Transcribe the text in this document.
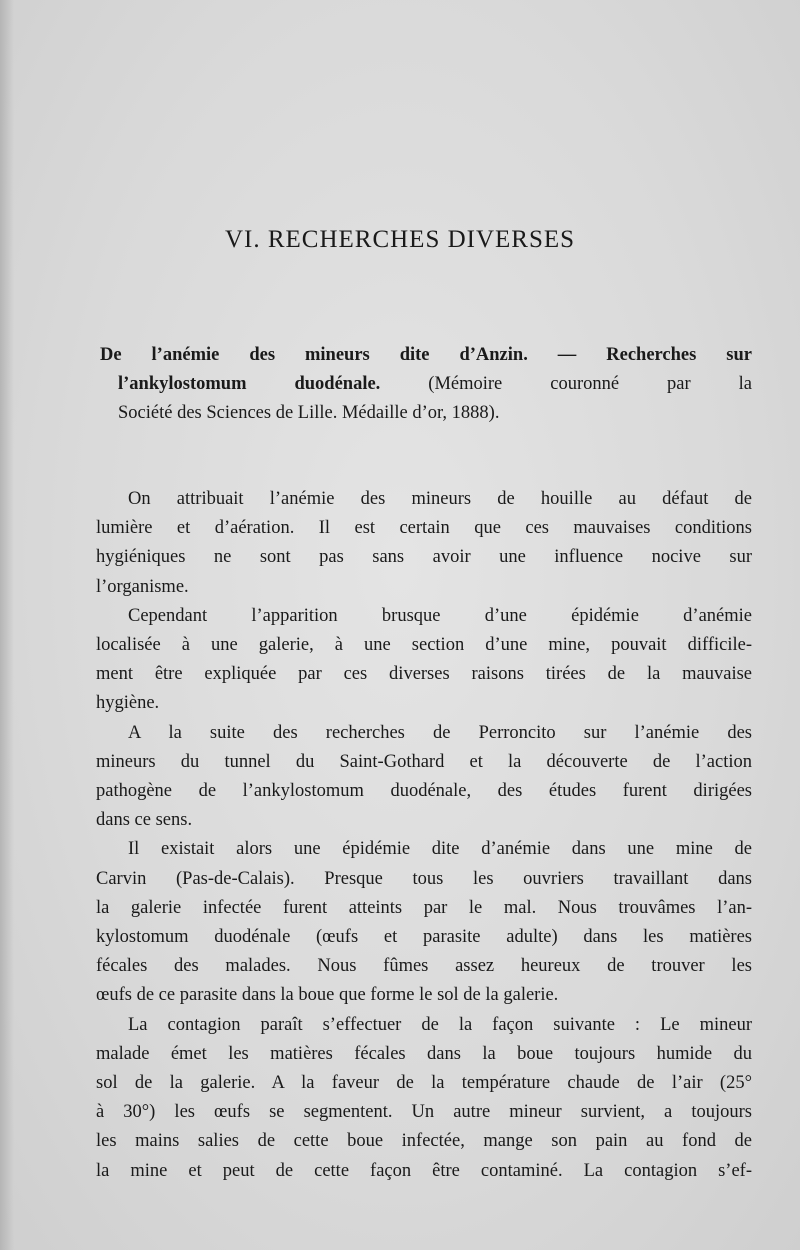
VI. RECHERCHES DIVERSES
De l’anémie des mineurs dite d’Anzin. — Recherches sur
l’ankylostomum duodénale. (Mémoire couronné par la
Société des Sciences de Lille. Médaille d’or, 1888).

On attribuait l’anémie des mineurs de houille au défaut de
lumière et d’aération. Il est certain que ces mauvaises conditions
hygiéniques ne sont pas sans avoir une influence nocive sur
l’organisme.

Cependant l’apparition brusque d’une épidémie d’anémie
localisée à une galerie, à une section d’une mine, pouvait difficile-
ment être expliquée par ces diverses raisons tirées de la mauvaise
hygiène.

A la suite des recherches de Perroncito sur l’anémie des
mineurs du tunnel du Saint-Gothard et la découverte de l’action
pathogène de l’ankylostomum duodénale, des études furent dirigées
dans ce sens.

Il existait alors une épidémie dite d’anémie dans une mine de
Carvin (Pas-de-Calais). Presque tous les ouvriers travaillant dans
la galerie infectée furent atteints par le mal. Nous trouvâmes l’an-
kylostomum duodénale (œufs et parasite adulte) dans les matières
fécales des malades. Nous fûmes assez heureux de trouver les
œufs de ce parasite dans la boue que forme le sol de la galerie.

La contagion paraît s’effectuer de la façon suivante : Le mineur
malade émet les matières fécales dans la boue toujours humide du
sol de la galerie. A la faveur de la température chaude de l’air (25°
à 30°) les œufs se segmentent. Un autre mineur survient, a toujours
les mains salies de cette boue infectée, mange son pain au fond de
la mine et peut de cette façon être contaminé. La contagion s’ef-
